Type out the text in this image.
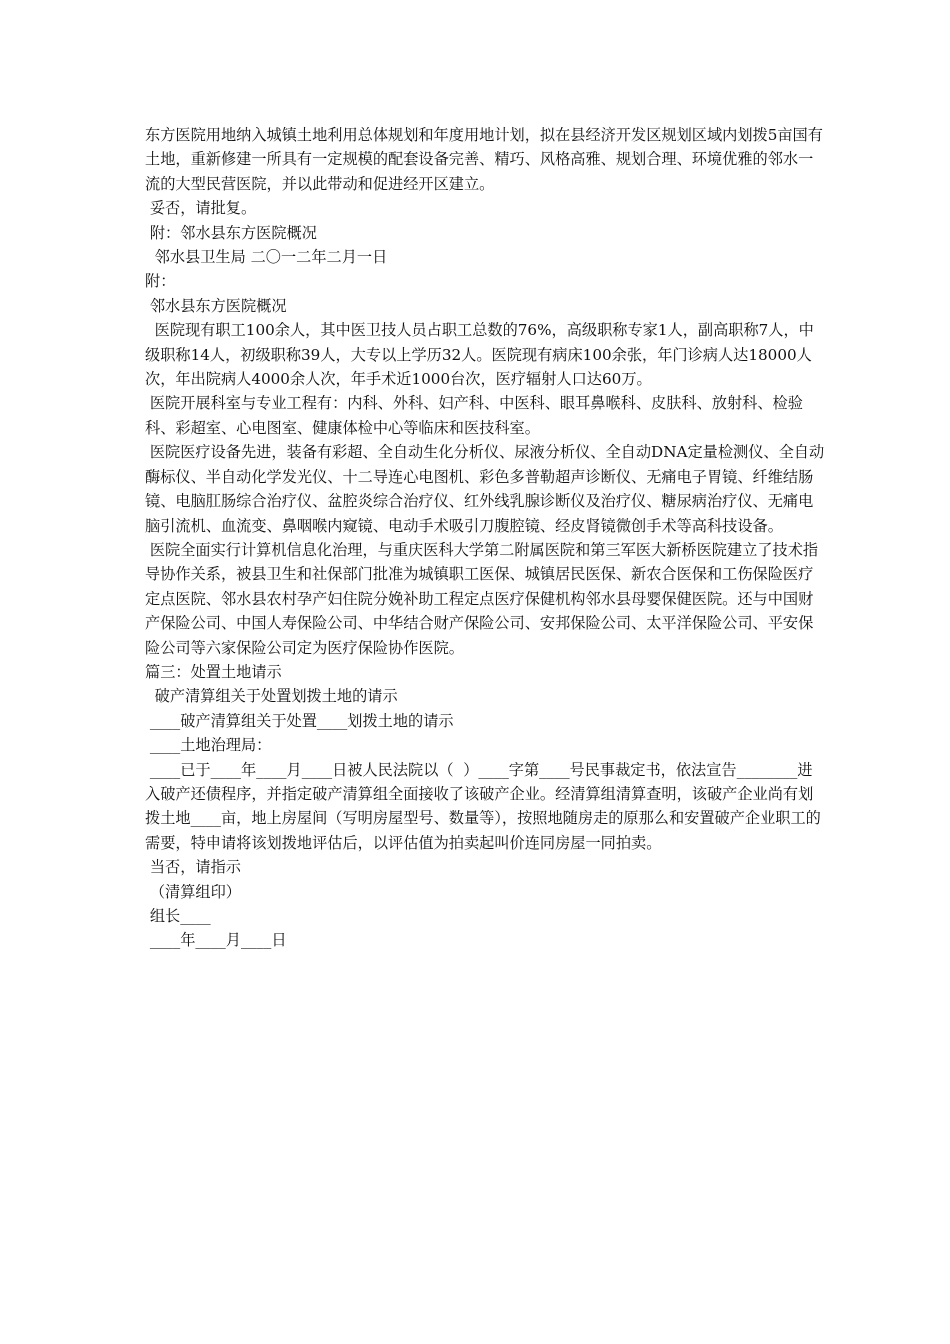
东方医院用地纳入城镇土地利用总体规划和年度用地计划，拟在县经济开发区规划区域内划拨5亩国有土地，重新修建一所具有一定规模的配套设备完善、精巧、风格高雅、规划合理、环境优雅的邻水一流的大型民营医院，并以此带动和促进经开区建立。

妥否，请批复。

附：邻水县东方医院概况

邻水县卫生局 二〇一二年二月一日

附：

邻水县东方医院概况

医院现有职工100余人，其中医卫技人员占职工总数的76%，高级职称专家1人，副高职称7人，中级职称14人，初级职称39人，大专以上学历32人。医院现有病床100余张，年门诊病人达18000人次，年出院病人4000余人次，年手术近1000台次，医疗辐射人口达60万。

医院开展科室与专业工程有：内科、外科、妇产科、中医科、眼耳鼻喉科、皮肤科、放射科、检验科、彩超室、心电图室、健康体检中心等临床和医技科室。

医院医疗设备先进，装备有彩超、全自动生化分析仪、尿液分析仪、全自动DNA定量检测仪、全自动酶标仪、半自动化学发光仪、十二导连心电图机、彩色多普勒超声诊断仪、无痛电子胃镜、纤维结肠镜、电脑肛肠综合治疗仪、盆腔炎综合治疗仪、红外线乳腺诊断仪及治疗仪、糖尿病治疗仪、无痛电脑引流机、血流变、鼻咽喉内窥镜、电动手术吸引刀腹腔镜、经皮肾镜微创手术等高科技设备。

医院全面实行计算机信息化治理，与重庆医科大学第二附属医院和第三军医大新桥医院建立了技术指导协作关系，被县卫生和社保部门批准为城镇职工医保、城镇居民医保、新农合医保和工伤保险医疗定点医院、邻水县农村孕产妇住院分娩补助工程定点医疗保健机构邻水县母婴保健医院。还与中国财产保险公司、中国人寿保险公司、中华结合财产保险公司、安邦保险公司、太平洋保险公司、平安保险公司等六家保险公司定为医疗保险协作医院。

篇三：处置土地请示

破产清算组关于处置划拨土地的请示

____破产清算组关于处置____划拨土地的请示

____土地治理局：

____已于____年____月____日被人民法院以（  ）____字第____号民事裁定书，依法宣告________进入破产还债程序，并指定破产清算组全面接收了该破产企业。经清算组清算查明，该破产企业尚有划拨土地____亩，地上房屋间（写明房屋型号、数量等），按照地随房走的原那么和安置破产企业职工的需要，特申请将该划拨地评估后，以评估值为拍卖起叫价连同房屋一同拍卖。

当否，请指示

（清算组印）

组长____

____年____月____日
